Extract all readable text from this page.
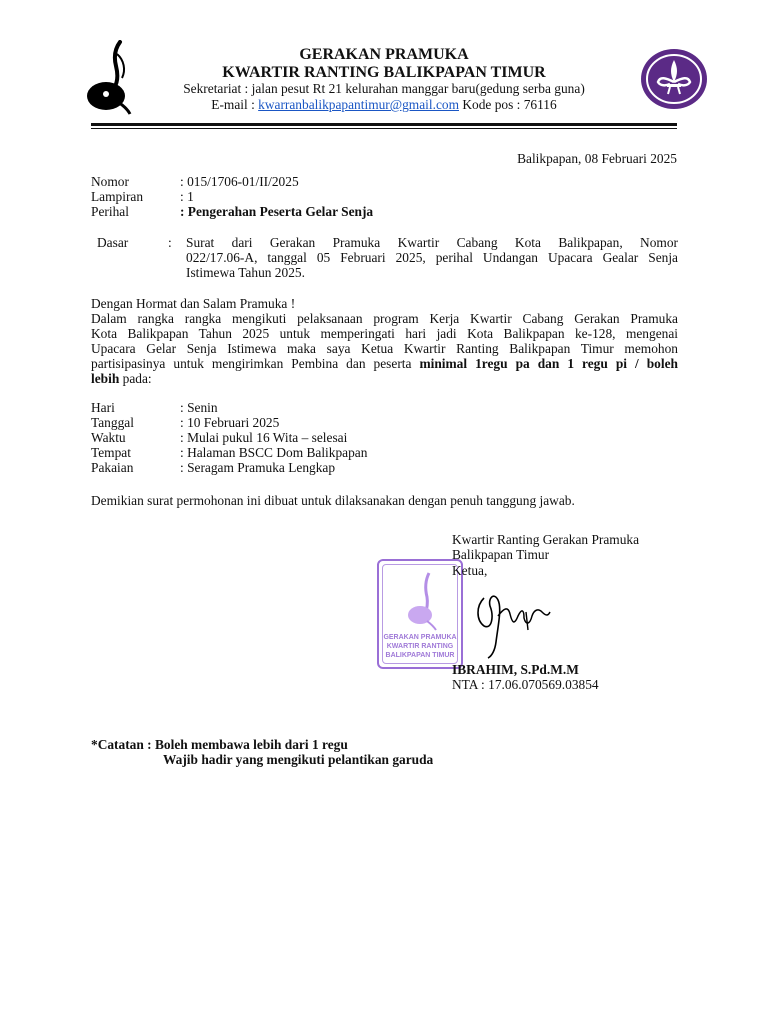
GERAKAN PRAMUKA
KWARTIR RANTING BALIKPAPAN TIMUR
Sekretariat : jalan pesut Rt 21 kelurahan manggar baru(gedung serba guna)
E-mail : kwarranbalikpapantimur@gmail.com Kode pos : 76116
Balikpapan, 08 Februari 2025
Nomor	: 015/1706-01/II/2025
Lampiran	: 1
Perihal	: Pengerahan Peserta Gelar Senja
Dasar	: Surat dari Gerakan Pramuka Kwartir Cabang Kota Balikpapan, Nomor
022/17.06-A, tanggal 05 Februari 2025, perihal Undangan Upacara Gealar Senja
Istimewa Tahun 2025.
Dengan Hormat dan Salam Pramuka !
Dalam rangka rangka mengikuti pelaksanaan program Kerja Kwartir Cabang Gerakan Pramuka
Kota Balikpapan Tahun 2025 untuk memperingati hari jadi Kota Balikpapan ke-128, mengenai
Upacara Gelar Senja Istimewa maka saya Ketua Kwartir Ranting Balikpapan Timur memohon
partisipasinya untuk mengirimkan Pembina dan peserta minimal 1regu pa dan 1 regu pi / boleh
lebih pada:
Hari	: Senin
Tanggal	: 10 Februari 2025
Waktu	: Mulai pukul 16 Wita – selesai
Tempat	: Halaman BSCC Dom Balikpapan
Pakaian	: Seragam Pramuka Lengkap
Demikian surat permohonan ini dibuat untuk dilaksanakan dengan penuh tanggung jawab.
GERAKAN PRAMUKA
KWARTIR RANTING
BALIKPAPAN TIMUR
Kwartir Ranting Gerakan Pramuka
Balikpapan Timur
Ketua,
IBRAHIM, S.Pd.M.M
NTA : 17.06.070569.03854
*Catatan : Boleh membawa lebih dari 1 regu
Wajib hadir yang mengikuti pelantikan garuda
